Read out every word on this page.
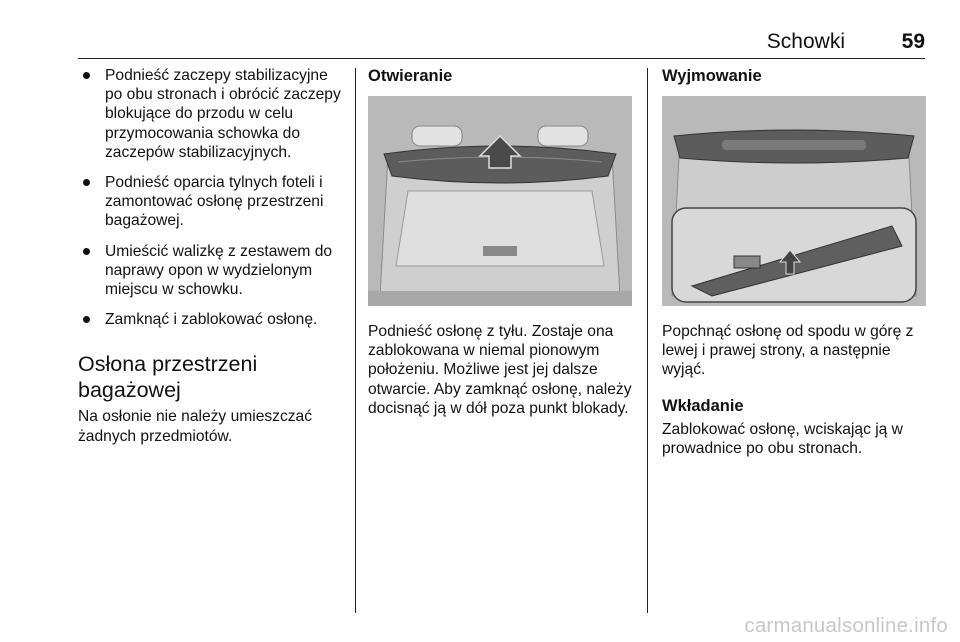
Schowki	59
Podnieść zaczepy stabilizacyjne po obu stronach i obrócić zaczepy blokujące do przodu w celu przymocowania schowka do zaczepów stabilizacyjnych.
Podnieść oparcia tylnych foteli i zamontować osłonę przestrzeni bagażowej.
Umieścić walizkę z zestawem do naprawy opon w wydzielonym miejscu w schowku.
Zamknąć i zablokować osłonę.
Osłona przestrzeni
bagażowej

Na osłonie nie należy umieszczać żadnych przedmiotów.

Otwieranie

Podnieść osłonę z tyłu. Zostaje ona zablokowana w niemal pionowym położeniu. Możliwe jest jej dalsze otwarcie. Aby zamknąć osłonę, należy docisnąć ją w dół poza punkt blokady.

Wyjmowanie

Popchnąć osłonę od spodu w górę z lewej i prawej strony, a następnie wyjąć.

Wkładanie

Zablokować osłonę, wciskając ją w prowadnice po obu stronach.

carmanualsonline.info
